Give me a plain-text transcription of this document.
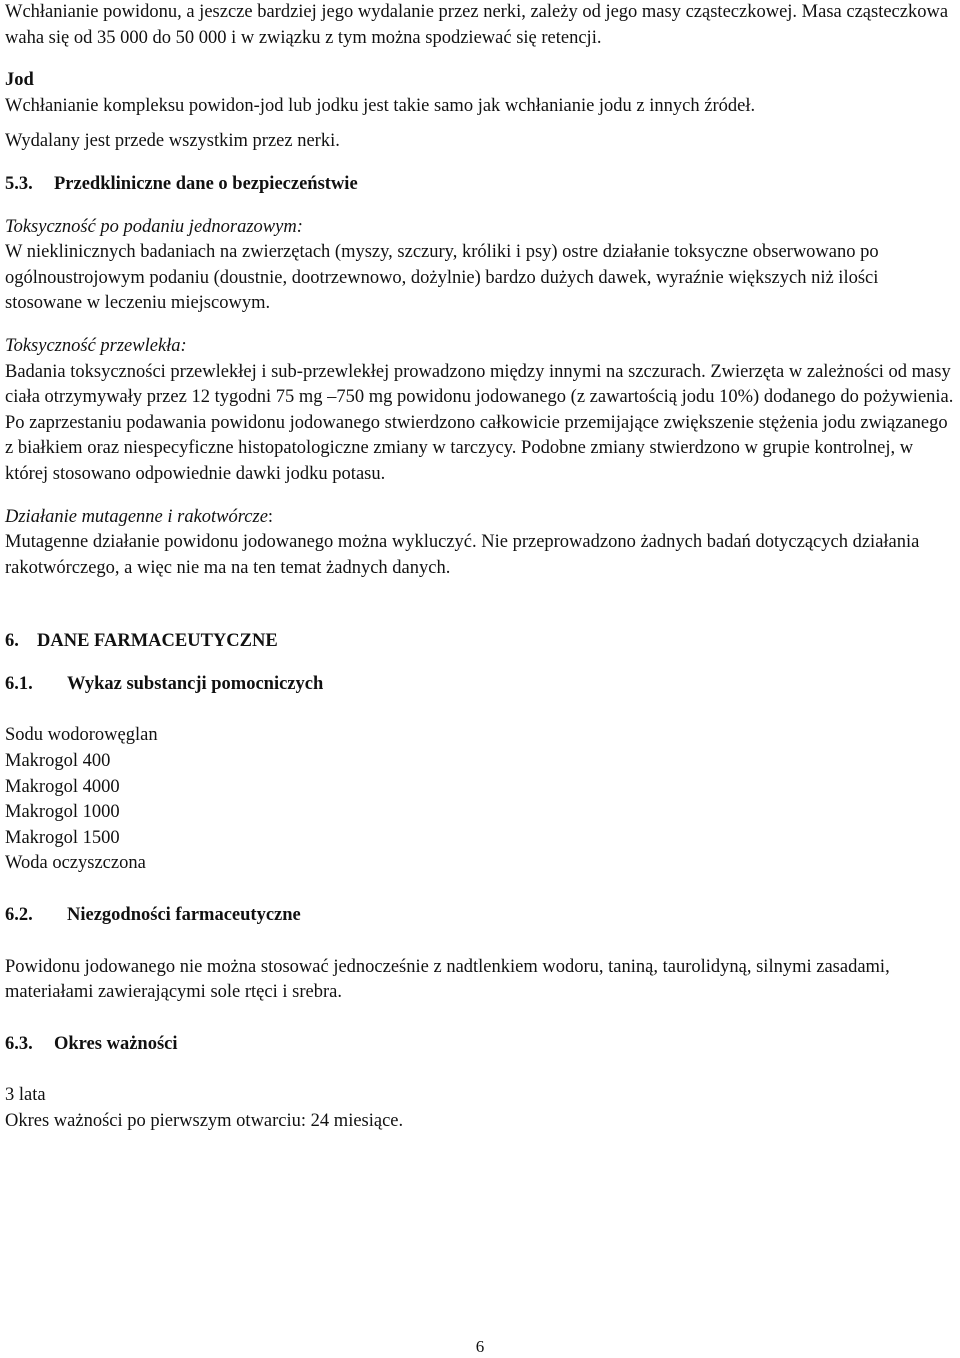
Wchłanianie powidonu, a jeszcze bardziej jego wydalanie przez nerki, zależy od jego masy cząsteczkowej. Masa cząsteczkowa waha się od 35 000 do 50 000 i w związku z tym można spodziewać się retencji.

Jod

Wchłanianie kompleksu powidon-jod lub jodku jest takie samo jak wchłanianie jodu z innych źródeł.

Wydalany jest przede wszystkim przez nerki.

5.3.	Przedkliniczne dane o bezpieczeństwie

Toksyczność po podaniu jednorazowym:

W nieklinicznych badaniach na zwierzętach (myszy, szczury, króliki i psy) ostre działanie toksyczne obserwowano po ogólnoustrojowym podaniu (doustnie, dootrzewnowo, dożylnie) bardzo dużych dawek, wyraźnie większych niż ilości stosowane w leczeniu miejscowym.

Toksyczność przewlekła:

Badania toksyczności przewlekłej i sub-przewlekłej prowadzono między innymi na szczurach. Zwierzęta w zależności od masy ciała otrzymywały przez 12 tygodni 75 mg –750 mg powidonu jodowanego (z zawartością jodu 10%) dodanego do pożywienia. Po zaprzestaniu podawania powidonu jodowanego stwierdzono całkowicie przemijające zwiększenie stężenia jodu związanego z białkiem oraz niespecyficzne histopatologiczne zmiany w tarczycy. Podobne zmiany stwierdzono w grupie kontrolnej, w której stosowano odpowiednie dawki jodku potasu.

Działanie mutagenne i rakotwórcze:

Mutagenne działanie powidonu jodowanego można wykluczyć. Nie przeprowadzono żadnych badań dotyczących działania rakotwórczego, a więc nie ma na ten temat żadnych danych.

6. DANE FARMACEUTYCZNE
6.1.	Wykaz substancji pomocniczych

Sodu wodorowęglan

Makrogol 400

Makrogol 4000

Makrogol 1000

Makrogol 1500

Woda oczyszczona

6.2.	Niezgodności farmaceutyczne

Powidonu jodowanego nie można stosować jednocześnie z nadtlenkiem wodoru, taniną, taurolidyną, silnymi zasadami, materiałami zawierającymi sole rtęci i srebra.

6.3.	Okres ważności

3 lata

Okres ważności po pierwszym otwarciu: 24 miesiące.

6
